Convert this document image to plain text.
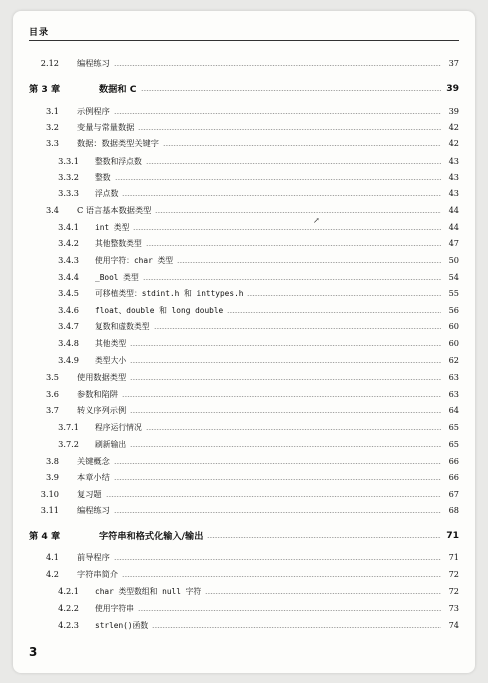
目录
2.12	编程练习	37
第 3 章	数据和 C	39
3.1	示例程序	39
3.2	变量与常量数据	42
3.3	数据：数据类型关键字	42
3.3.1	整数和浮点数	43
3.3.2	整数	43
3.3.3	浮点数	43
3.4	C 语言基本数据类型	44
3.4.1	int 类型	44
3.4.2	其他整数类型	47
3.4.3	使用字符：char 类型	50
3.4.4	_Bool 类型	54
3.4.5	可移植类型：stdint.h 和 inttypes.h	55
3.4.6	float、double 和 long double	56
3.4.7	复数和虚数类型	60
3.4.8	其他类型	60
3.4.9	类型大小	62
3.5	使用数据类型	63
3.6	参数和陷阱	63
3.7	转义序列示例	64
3.7.1	程序运行情况	65
3.7.2	刷新输出	65
3.8	关键概念	66
3.9	本章小结	66
3.10	复习题	67
3.11	编程练习	68
第 4 章	字符串和格式化输入/输出	71
4.1	前导程序	71
4.2	字符串简介	72
4.2.1	char 类型数组和 null 字符	72
4.2.2	使用字符串	73
4.2.3	strlen()函数	74
↗
3
